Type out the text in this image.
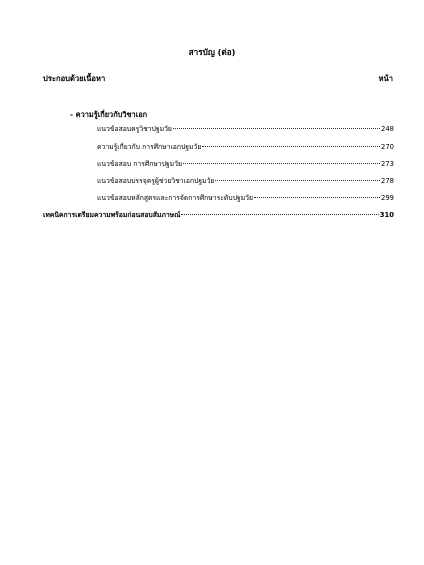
สารบัญ (ต่อ)
ประกอบด้วยเนื้อหา	หน้า
- ความรู้เกี่ยวกับวิชาเอก
แนวข้อสอบครูวิชาปฐมวัย	248
ความรู้เกี่ยวกับ การศึกษาเอกปฐมวัย	270
แนวข้อสอบ การศึกษาปฐมวัย	273
แนวข้อสอบบรรจุครูผู้ช่วยวิชาเอกปฐมวัย	278
แนวข้อสอบหลักสูตรและการจัดการศึกษาระดับปฐมวัย	299
เทคนิคการเตรียมความพร้อมก่อนสอบสัมภาษณ์	310
